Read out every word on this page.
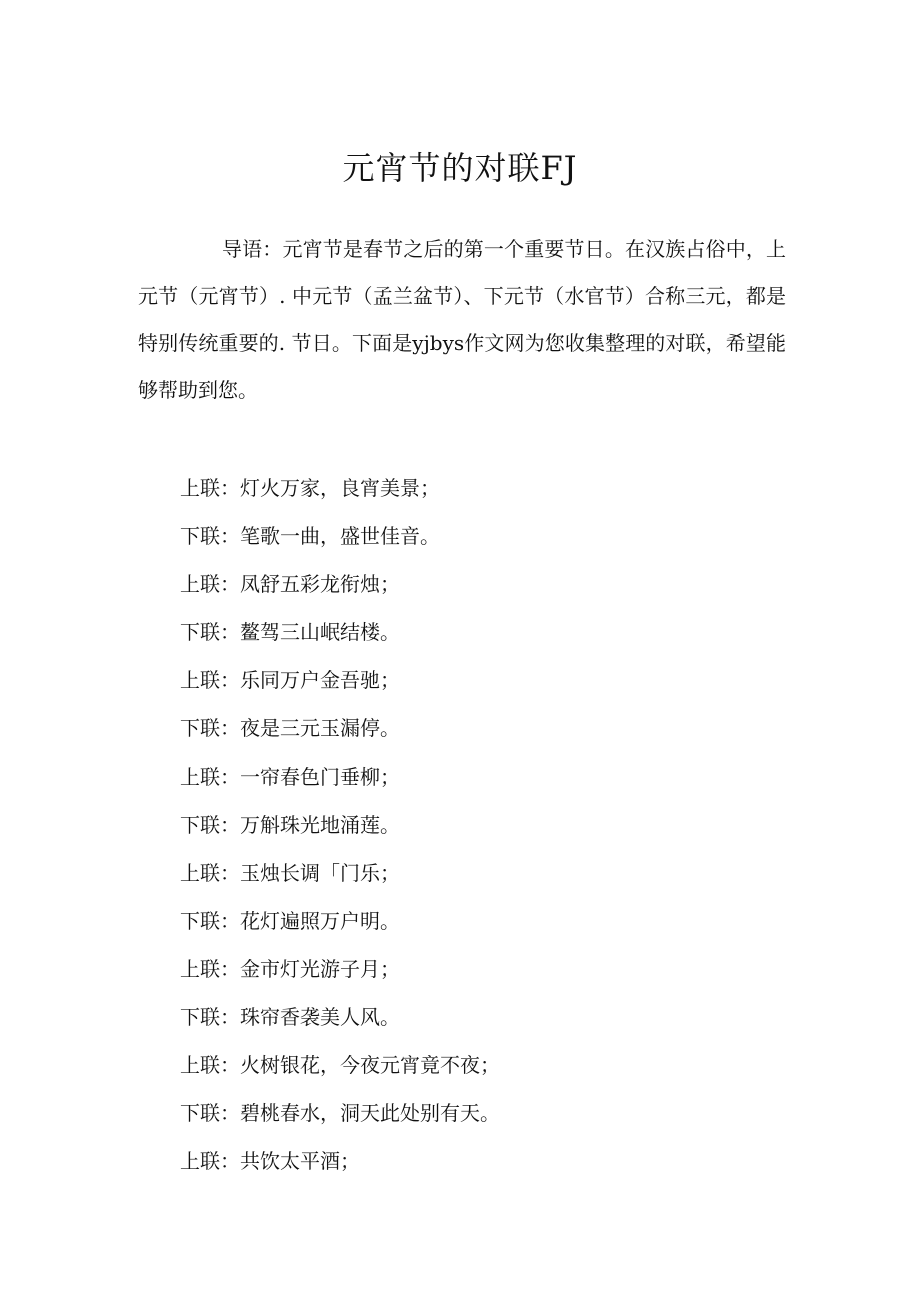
元宵节的对联FJ
导语：元宵节是春节之后的第一个重要节日。在汉族占俗中，上
元节（元宵节）. 中元节（孟兰盆节）、下元节（水官节）合称三元，都是
特别传统重要的. 节日。下面是yjbys作文网为您收集整理的对联，希望能
够帮助到您。
上联：灯火万家，良宵美景；
下联：笔歌一曲，盛世佳音。
上联：凤舒五彩龙衔烛；
下联：鳌驾三山岷结楼。
上联：乐同万户金吾驰；
下联：夜是三元玉漏停。
上联：一帘春色门垂柳；
下联：万斛珠光地涌莲。
上联：玉烛长调「门乐；
下联：花灯遍照万户明。
上联：金市灯光游子月；
下联：珠帘香袭美人风。
上联：火树银花，今夜元宵竟不夜；
下联：碧桃春水，洞天此处别有天。
上联：共饮太平酒；
